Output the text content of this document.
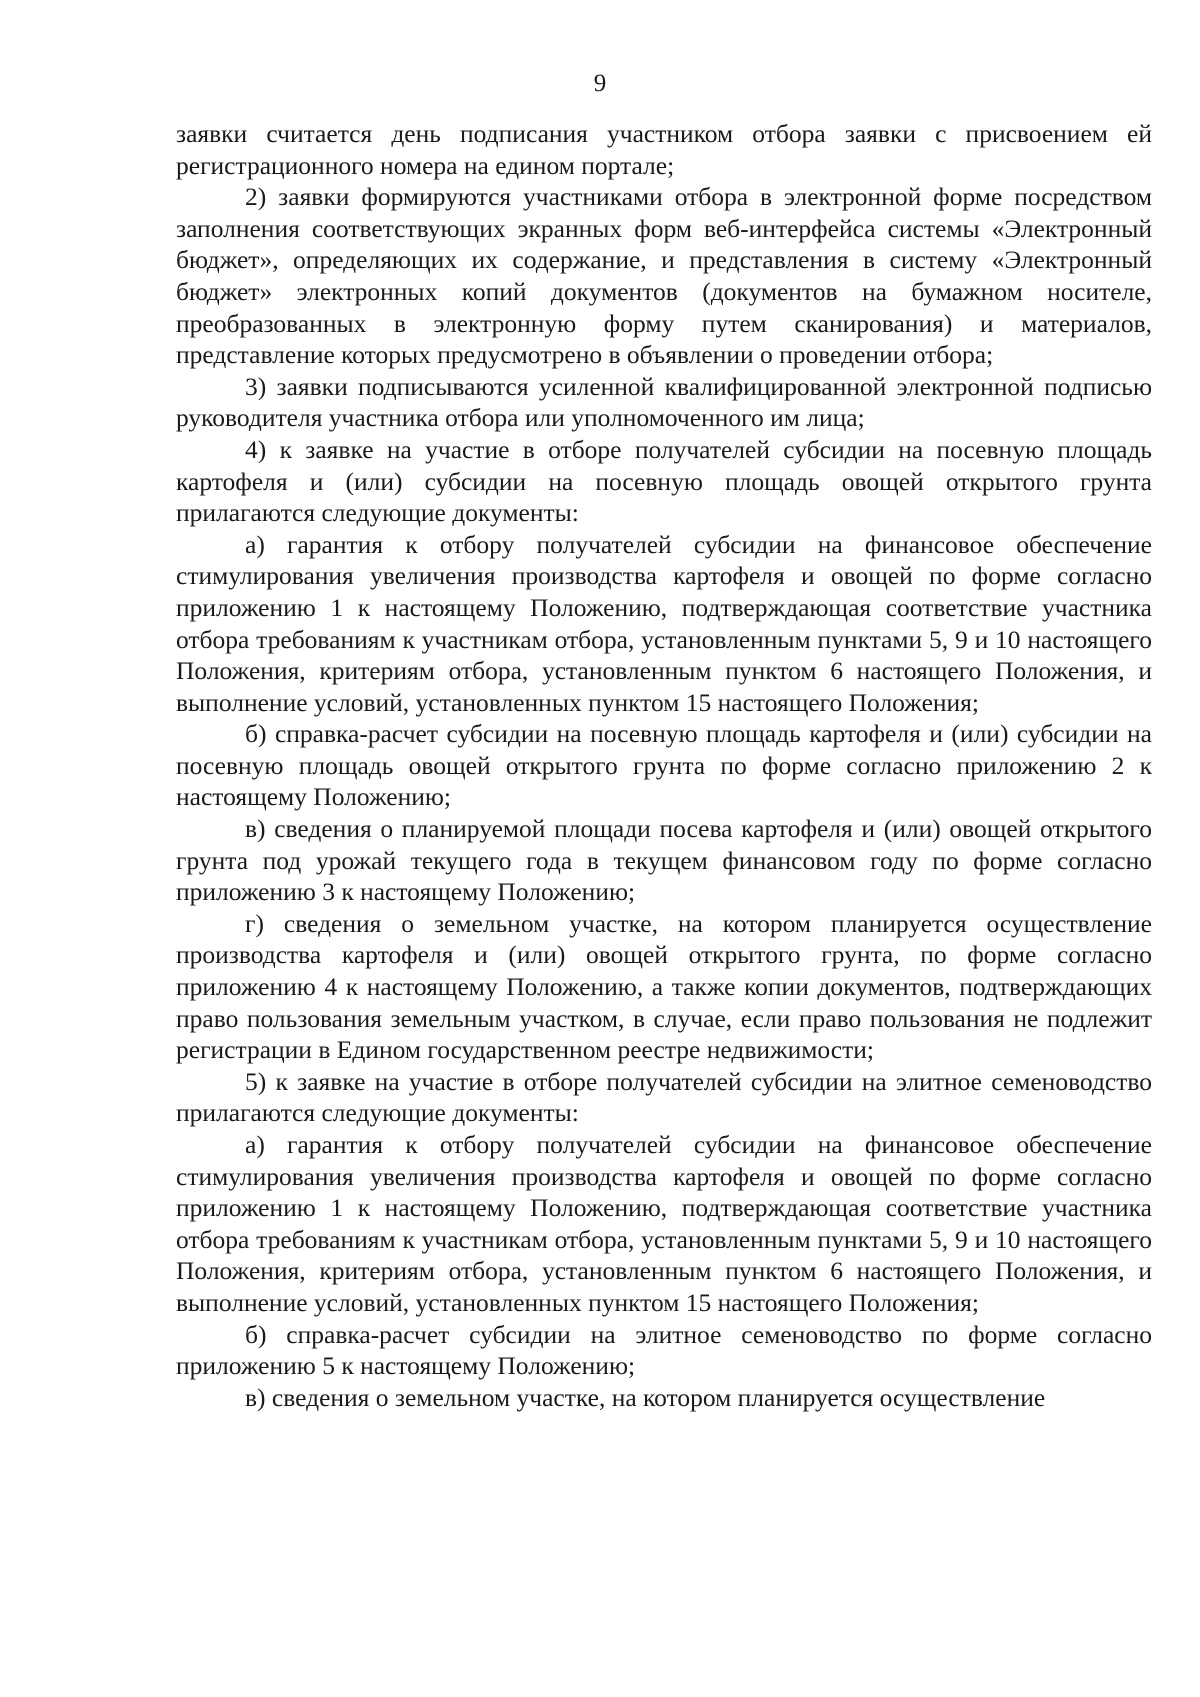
9

заявки считается день подписания участником отбора заявки с присвоением ей регистрационного номера на едином портале;

2) заявки формируются участниками отбора в электронной форме посредством заполнения соответствующих экранных форм веб-интерфейса системы «Электронный бюджет», определяющих их содержание, и представления в систему «Электронный бюджет» электронных копий документов (документов на бумажном носителе, преобразованных в электронную форму путем сканирования) и материалов, представление которых предусмотрено в объявлении о проведении отбора;

3) заявки подписываются усиленной квалифицированной электронной подписью руководителя участника отбора или уполномоченного им лица;

4) к заявке на участие в отборе получателей субсидии на посевную площадь картофеля и (или) субсидии на посевную площадь овощей открытого грунта прилагаются следующие документы:

а) гарантия к отбору получателей субсидии на финансовое обеспечение стимулирования увеличения производства картофеля и овощей по форме согласно приложению 1 к настоящему Положению, подтверждающая соответствие участника отбора требованиям к участникам отбора, установленным пунктами 5, 9 и 10 настоящего Положения, критериям отбора, установленным пунктом 6 настоящего Положения, и выполнение условий, установленных пунктом 15 настоящего Положения;

б) справка-расчет субсидии на посевную площадь картофеля и (или) субсидии на посевную площадь овощей открытого грунта по форме согласно приложению 2 к настоящему Положению;

в) сведения о планируемой площади посева картофеля и (или) овощей открытого грунта под урожай текущего года в текущем финансовом году по форме согласно приложению 3 к настоящему Положению;

г) сведения о земельном участке, на котором планируется осуществление производства картофеля и (или) овощей открытого грунта, по форме согласно приложению 4 к настоящему Положению, а также копии документов, подтверждающих право пользования земельным участком, в случае, если право пользования не подлежит регистрации в Едином государственном реестре недвижимости;

5) к заявке на участие в отборе получателей субсидии на элитное семеноводство прилагаются следующие документы:

а) гарантия к отбору получателей субсидии на финансовое обеспечение стимулирования увеличения производства картофеля и овощей по форме согласно приложению 1 к настоящему Положению, подтверждающая соответствие участника отбора требованиям к участникам отбора, установленным пунктами 5, 9 и 10 настоящего Положения, критериям отбора, установленным пунктом 6 настоящего Положения, и выполнение условий, установленных пунктом 15 настоящего Положения;

б) справка-расчет субсидии на элитное семеноводство по форме согласно приложению 5 к настоящему Положению;

в) сведения о земельном участке, на котором планируется осуществление
